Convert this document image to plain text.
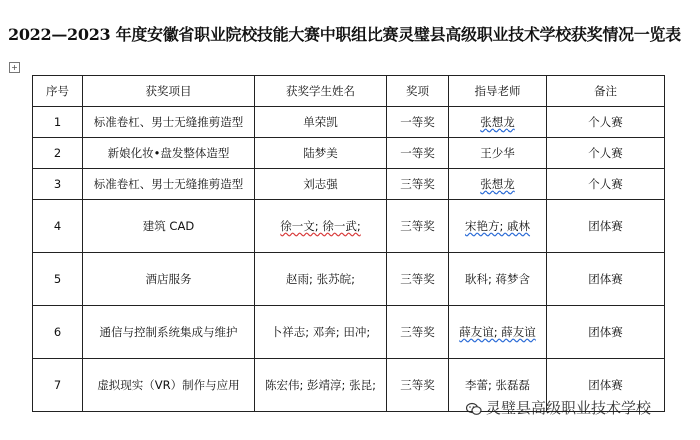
2022—2023 年度安徽省职业院校技能大赛中职组比赛灵璧县高级职业技术学校获奖情况一览表
+
序号	获奖项目	获奖学生姓名	奖项	指导老师	备注
1	标准卷杠、男士无缝推剪造型	单荣凯	一等奖	张想龙	个人赛
2	新娘化妆•盘发整体造型	陆梦美	一等奖	王少华	个人赛
3	标准卷杠、男士无缝推剪造型	刘志强	三等奖	张想龙	个人赛
4	建筑 CAD	徐一文; 徐一武;	三等奖	宋艳方; 戚林	团体赛
5	酒店服务	赵雨; 张苏皖;	三等奖	耿科; 蒋梦含	团体赛
6	通信与控制系统集成与维护	卜祥志; 邓奔; 田冲;	三等奖	薛友谊; 薛友谊	团体赛
7	虚拟现实（VR）制作与应用	陈宏伟; 彭靖淳; 张昆;	三等奖	李蕾; 张磊磊	团体赛
灵璧县高级职业技术学校
